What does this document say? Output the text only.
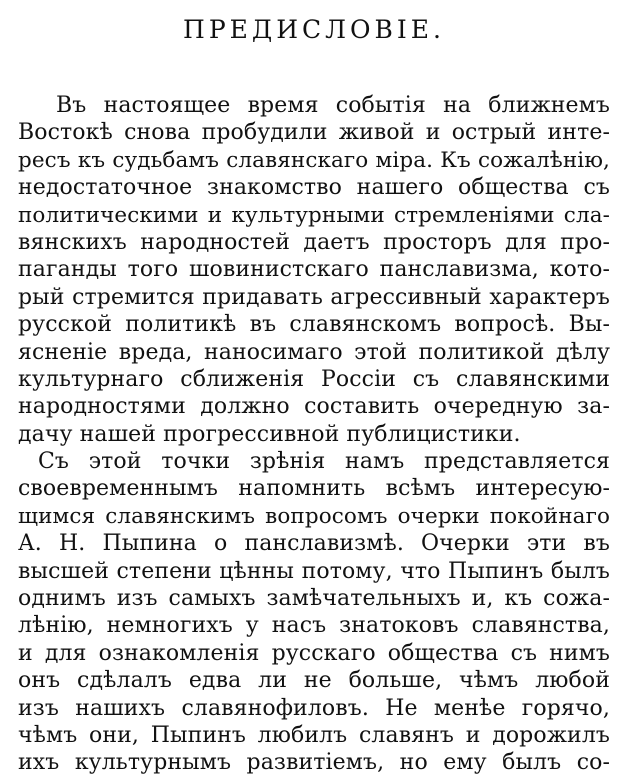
ПРЕДИСЛОВІЕ.
Въ настоящее время событія на ближнемъ
Востокѣ снова пробудили живой и острый инте-
ресъ къ судьбамъ славянскаго міра. Къ сожалѣнію,
недостаточное знакомство нашего общества съ
политическими и культурными стремленіями сла-
вянскихъ народностей даетъ просторъ для про-
паганды того шовинистскаго панславизма, кото-
рый стремится придавать агрессивный характеръ
русской политикѣ въ славянскомъ вопросѣ. Вы-
ясненіе вреда, наносимаго этой политикой дѣлу
культурнаго сближенія Россіи съ славянскими
народностями должно составить очередную за-
дачу нашей прогрессивной публицистики.
Съ этой точки зрѣнія намъ представляется
своевременнымъ напомнить всѣмъ интересую-
щимся славянскимъ вопросомъ очерки покойнаго
А. Н. Пыпина о панславизмѣ. Очерки эти въ
высшей степени цѣнны потому, что Пыпинъ былъ
однимъ изъ самыхъ замѣчательныхъ и, къ сожа-
лѣнію, немногихъ у насъ знатоковъ славянства,
и для ознакомленія русскаго общества съ нимъ
онъ сдѣлалъ едва ли не больше, чѣмъ любой
изъ нашихъ славянофиловъ. Не менѣе горячо,
чѣмъ они, Пыпинъ любилъ славянъ и дорожилъ
ихъ культурнымъ развитіемъ, но ему былъ со-
